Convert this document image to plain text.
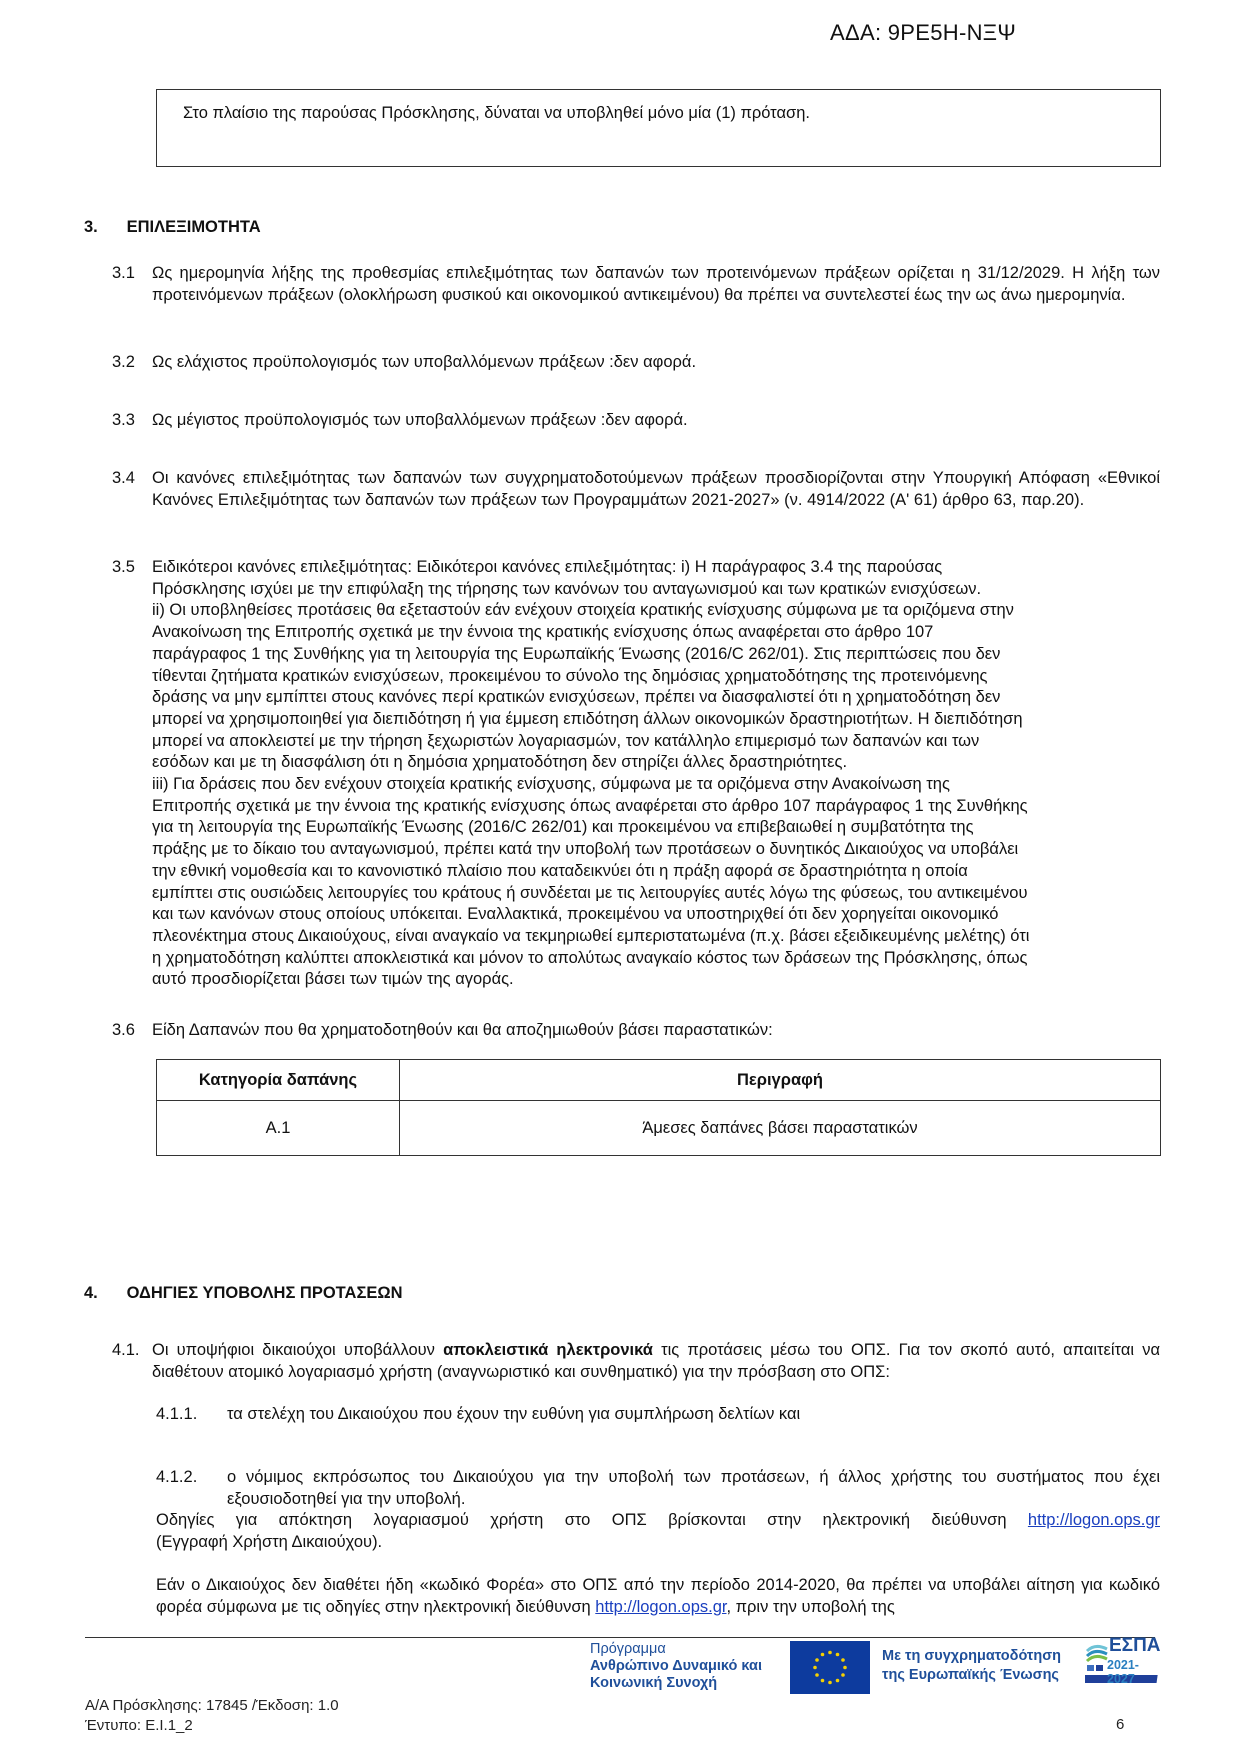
ΑΔΑ: 9ΡΕ5Η-ΝΞΨ
Στο πλαίσιο της παρούσας Πρόσκλησης, δύναται να υποβληθεί μόνο μία (1) πρόταση.
3. ΕΠΙΛΕΞΙΜΟΤΗΤΑ
3.1 Ως ημερομηνία λήξης της προθεσμίας επιλεξιμότητας των δαπανών των προτεινόμενων πράξεων ορίζεται η 31/12/2029. Η λήξη των προτεινόμενων πράξεων (ολοκλήρωση φυσικού και οικονομικού αντικειμένου) θα πρέπει να συντελεστεί έως την ως άνω ημερομηνία.
3.2 Ως ελάχιστος προϋπολογισμός των υποβαλλόμενων πράξεων :δεν αφορά.
3.3 Ως μέγιστος προϋπολογισμός των υποβαλλόμενων πράξεων :δεν αφορά.
3.4 Οι κανόνες επιλεξιμότητας των δαπανών των συγχρηματοδοτούμενων πράξεων προσδιορίζονται στην Υπουργική Απόφαση «Εθνικοί Κανόνες Επιλεξιμότητας των δαπανών των πράξεων των Προγραμμάτων 2021-2027» (ν. 4914/2022 (Α' 61) άρθρο 63, παρ.20).
3.5 Ειδικότεροι κανόνες επιλεξιμότητας: Ειδικότεροι κανόνες επιλεξιμότητας: i) Η παράγραφος 3.4 της παρούσας
Πρόσκλησης ισχύει με την επιφύλαξη της τήρησης των κανόνων του ανταγωνισμού και των κρατικών ενισχύσεων.
ii) Οι υποβληθείσες προτάσεις θα εξεταστούν εάν ενέχουν στοιχεία κρατικής ενίσχυσης σύμφωνα με τα οριζόμενα στην
Ανακοίνωση της Επιτροπής σχετικά με την έννοια της κρατικής ενίσχυσης όπως αναφέρεται στο άρθρο 107
παράγραφος 1 της Συνθήκης για τη λειτουργία της Ευρωπαϊκής Ένωσης (2016/C 262/01). Στις περιπτώσεις που δεν
τίθενται ζητήματα κρατικών ενισχύσεων, προκειμένου το σύνολο της δημόσιας χρηματοδότησης της προτεινόμενης
δράσης να μην εμπίπτει στους κανόνες περί κρατικών ενισχύσεων, πρέπει να διασφαλιστεί ότι η χρηματοδότηση δεν
μπορεί να χρησιμοποιηθεί για διεπιδότηση ή για έμμεση επιδότηση άλλων οικονομικών δραστηριοτήτων. Η διεπιδότηση
μπορεί να αποκλειστεί με την τήρηση ξεχωριστών λογαριασμών, τον κατάλληλο επιμερισμό των δαπανών και των
εσόδων και με τη διασφάλιση ότι η δημόσια χρηματοδότηση δεν στηρίζει άλλες δραστηριότητες.
iii) Για δράσεις που δεν ενέχουν στοιχεία κρατικής ενίσχυσης, σύμφωνα με τα οριζόμενα στην Ανακοίνωση της
Επιτροπής σχετικά με την έννοια της κρατικής ενίσχυσης όπως αναφέρεται στο άρθρο 107 παράγραφος 1 της Συνθήκης
για τη λειτουργία της Ευρωπαϊκής Ένωσης (2016/C 262/01) και προκειμένου να επιβεβαιωθεί η συμβατότητα της
πράξης με το δίκαιο του ανταγωνισμού, πρέπει κατά την υποβολή των προτάσεων ο δυνητικός Δικαιούχος να υποβάλει
την εθνική νομοθεσία και το κανονιστικό πλαίσιο που καταδεικνύει ότι η πράξη αφορά σε δραστηριότητα η οποία
εμπίπτει στις ουσιώδεις λειτουργίες του κράτους ή συνδέεται με τις λειτουργίες αυτές λόγω της φύσεως, του αντικειμένου
και των κανόνων στους οποίους υπόκειται. Εναλλακτικά, προκειμένου να υποστηριχθεί ότι δεν χορηγείται οικονομικό
πλεονέκτημα στους Δικαιούχους, είναι αναγκαίο να τεκμηριωθεί εμπεριστατωμένα (π.χ. βάσει εξειδικευμένης μελέτης) ότι
η χρηματοδότηση καλύπτει αποκλειστικά και μόνον το απολύτως αναγκαίο κόστος των δράσεων της Πρόσκλησης, όπως
αυτό προσδιορίζεται βάσει των τιμών της αγοράς.
3.6 Είδη Δαπανών που θα χρηματοδοτηθούν και θα αποζημιωθούν βάσει παραστατικών:
Κατηγορία δαπάνης	Περιγραφή
Α.1	Άμεσες δαπάνες βάσει παραστατικών
4. ΟΔΗΓΙΕΣ ΥΠΟΒΟΛΗΣ ΠΡΟΤΑΣΕΩΝ
4.1. Οι υποψήφιοι δικαιούχοι υποβάλλουν αποκλειστικά ηλεκτρονικά τις προτάσεις μέσω του ΟΠΣ. Για τον σκοπό αυτό, απαιτείται να διαθέτουν ατομικό λογαριασμό χρήστη (αναγνωριστικό και συνθηματικό) για την πρόσβαση στο ΟΠΣ:
4.1.1. τα στελέχη του Δικαιούχου που έχουν την ευθύνη για συμπλήρωση δελτίων και
4.1.2. ο νόμιμος εκπρόσωπος του Δικαιούχου για την υποβολή των προτάσεων, ή άλλος χρήστης του συστήματος που έχει εξουσιοδοτηθεί για την υποβολή.
Οδηγίες για απόκτηση λογαριασμού χρήστη στο ΟΠΣ βρίσκονται στην ηλεκτρονική διεύθυνση http://logon.ops.gr
(Εγγραφή Χρήστη Δικαιούχου).
Εάν ο Δικαιούχος δεν διαθέτει ήδη «κωδικό Φορέα» στο ΟΠΣ από την περίοδο 2014-2020, θα πρέπει να υποβάλει αίτηση για κωδικό φορέα σύμφωνα με τις οδηγίες στην ηλεκτρονική διεύθυνση http://logon.ops.gr, πριν την υποβολή της
Πρόγραμμα
Ανθρώπινο Δυναμικό και
Κοινωνική Συνοχή
Με τη συγχρηματοδότηση
της Ευρωπαϊκής Ένωσης
ΕΣΠΑ
2021-2027
Α/Α Πρόσκλησης: 17845 /Έκδοση: 1.0
Έντυπο: Ε.Ι.1_2	6
